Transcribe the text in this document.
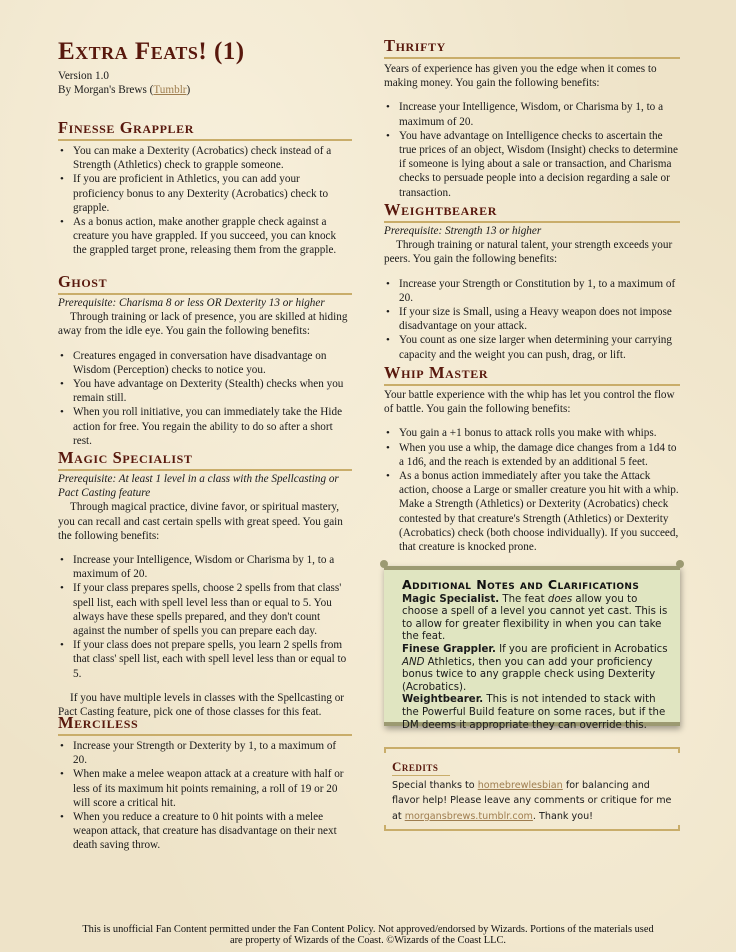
Extra Feats! (1)
Version 1.0
By Morgan's Brews (Tumblr)
Finesse Grappler
• You can make a Dexterity (Acrobatics) check instead of a Strength (Athletics) check to grapple someone.
• If you are proficient in Athletics, you can add your proficiency bonus to any Dexterity (Acrobatics) check to grapple.
• As a bonus action, make another grapple check against a creature you have grappled. If you succeed, you can knock the grappled target prone, releasing them from the grapple.
Ghost

Prerequisite: Charisma 8 or less OR Dexterity 13 or higher

Through training or lack of presence, you are skilled at hiding away from the idle eye. You gain the following benefits:

• Creatures engaged in conversation have disadvantage on Wisdom (Perception) checks to notice you.
• You have advantage on Dexterity (Stealth) checks when you remain still.
• When you roll initiative, you can immediately take the Hide action for free. You regain the ability to do so after a short rest.
Magic Specialist

Prerequisite: At least 1 level in a class with the Spellcasting or Pact Casting feature

Through magical practice, divine favor, or spiritual mastery, you can recall and cast certain spells with great speed. You gain the following benefits:

• Increase your Intelligence, Wisdom or Charisma by 1, to a maximum of 20.
• If your class prepares spells, choose 2 spells from that class' spell list, each with spell level less than or equal to 5. You always have these spells prepared, and they don't count against the number of spells you can prepare each day.
• If your class does not prepare spells, you learn 2 spells from that class' spell list, each with spell level less than or equal to 5.

If you have multiple levels in classes with the Spellcasting or Pact Casting feature, pick one of those classes for this feat.

Merciless
• Increase your Strength or Dexterity by 1, to a maximum of 20.
• When make a melee weapon attack at a creature with half or less of its maximum hit points remaining, a roll of 19 or 20 will score a critical hit.
• When you reduce a creature to 0 hit points with a melee weapon attack, that creature has disadvantage on their next death saving throw.
Thrifty

Years of experience has given you the edge when it comes to making money. You gain the following benefits:

• Increase your Intelligence, Wisdom, or Charisma by 1, to a maximum of 20.
• You have advantage on Intelligence checks to ascertain the true prices of an object, Wisdom (Insight) checks to determine if someone is lying about a sale or transaction, and Charisma checks to persuade people into a decision regarding a sale or transaction.
Weightbearer

Prerequisite: Strength 13 or higher

Through training or natural talent, your strength exceeds your peers. You gain the following benefits:

• Increase your Strength or Constitution by 1, to a maximum of 20.
• If your size is Small, using a Heavy weapon does not impose disadvantage on your attack.
• You count as one size larger when determining your carrying capacity and the weight you can push, drag, or lift.
Whip Master

Your battle experience with the whip has let you control the flow of battle. You gain the following benefits:

• You gain a +1 bonus to attack rolls you make with whips.
• When you use a whip, the damage dice changes from a 1d4 to a 1d6, and the reach is extended by an additional 5 feet.
• As a bonus action immediately after you take the Attack action, choose a Large or smaller creature you hit with a whip. Make a Strength (Athletics) or Dexterity (Acrobatics) check contested by that creature's Strength (Athletics) or Dexterity (Acrobatics) check (both choose individually). If you succeed, that creature is knocked prone.
Additional Notes and Clarifications

Magic Specialist. The feat does allow you to choose a spell of a level you cannot yet cast. This is to allow for greater flexibility in when you can take the feat.

Finese Grappler. If you are proficient in Acrobatics AND Athletics, then you can add your proficiency bonus twice to any grapple check using Dexterity (Acrobatics).

Weightbearer. This is not intended to stack with the Powerful Build feature on some races, but if the DM deems it appropriate they can override this.

Credits
Special thanks to homebrewlesbian for balancing and flavor help! Please leave any comments or critique for me at morgansbrews.tumblr.com. Thank you!
This is unofficial Fan Content permitted under the Fan Content Policy. Not approved/endorsed by Wizards. Portions of the materials used
are property of Wizards of the Coast. ©Wizards of the Coast LLC.
